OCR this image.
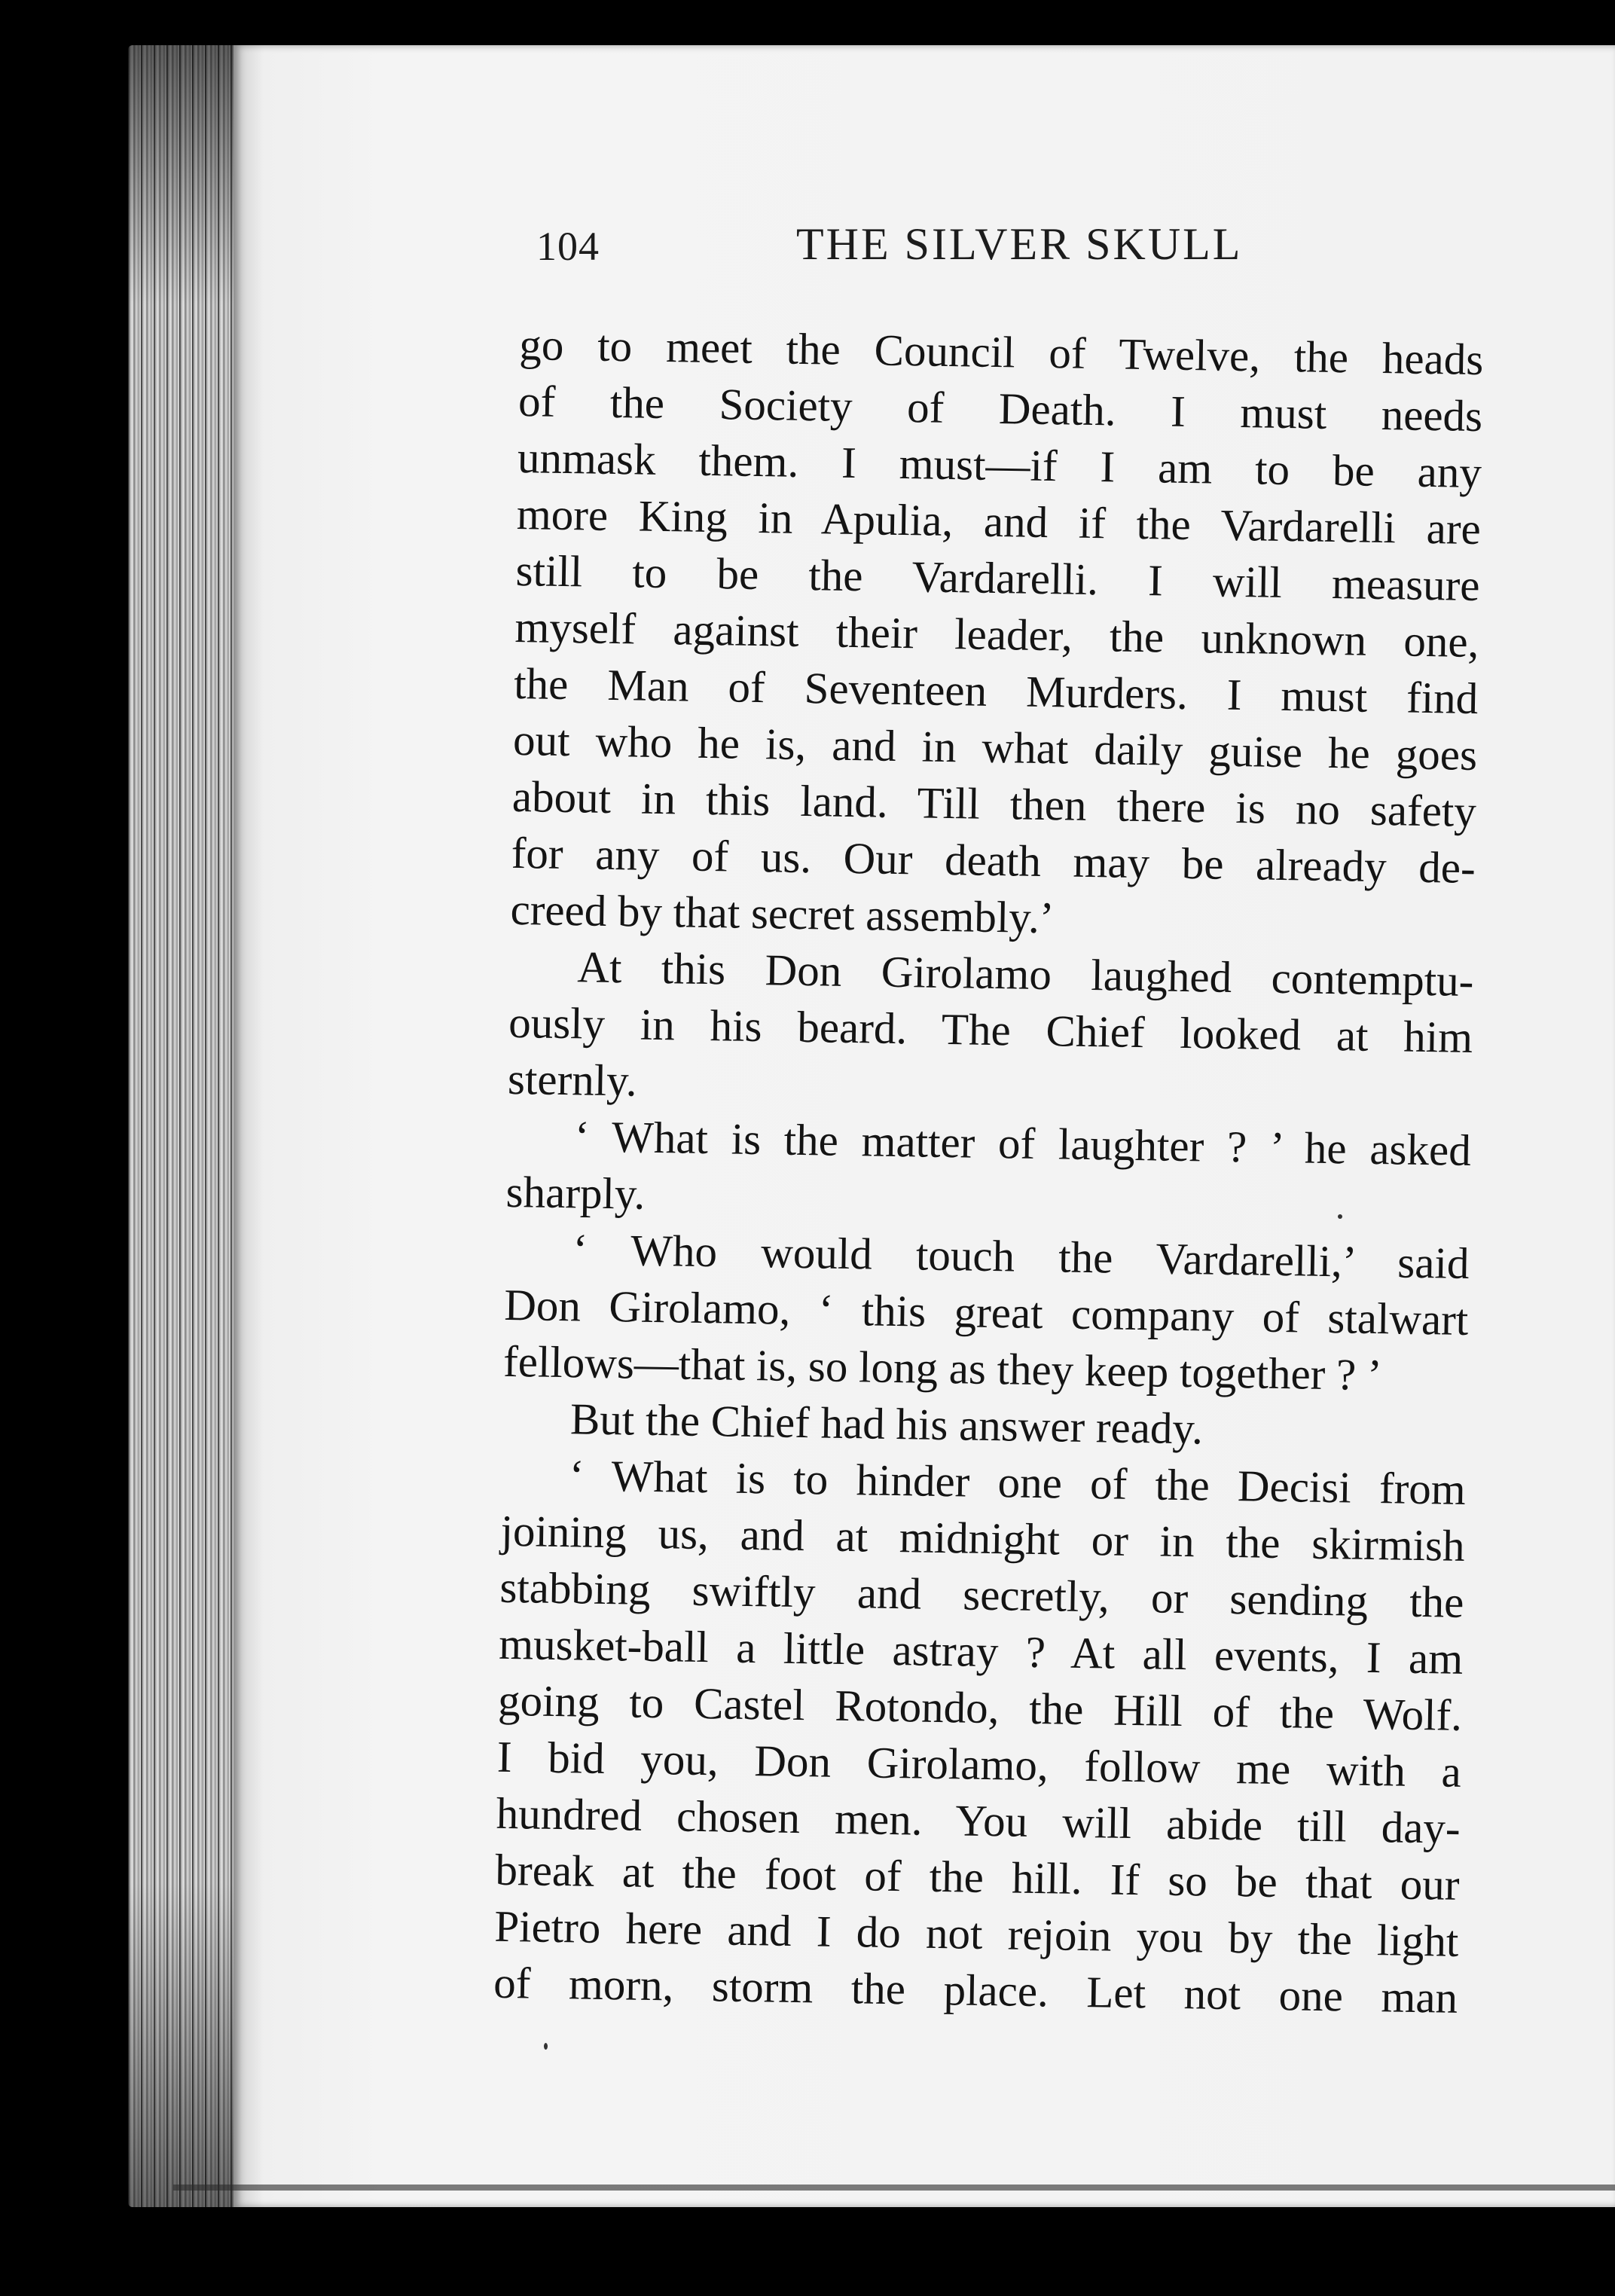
104	THE SILVER SKULL
go to meet the Council of Twelve, the heads
of the Society of Death. I must needs
unmask them. I must—if I am to be any
more King in Apulia, and if the Vardarelli are
still to be the Vardarelli. I will measure
myself against their leader, the unknown one,
the Man of Seventeen Murders. I must find
out who he is, and in what daily guise he goes
about in this land. Till then there is no safety
for any of us. Our death may be already de-
creed by that secret assembly.’
At this Don Girolamo laughed contemptu-
ously in his beard. The Chief looked at him
sternly.
‘ What is the matter of laughter ? ’ he asked
sharply.
‘ Who would touch the Vardarelli,’ said
Don Girolamo, ‘ this great company of stalwart
fellows—that is, so long as they keep together ? ’
But the Chief had his answer ready.
‘ What is to hinder one of the Decisi from
joining us, and at midnight or in the skirmish
stabbing swiftly and secretly, or sending the
musket-ball a little astray ? At all events, I am
going to Castel Rotondo, the Hill of the Wolf.
I bid you, Don Girolamo, follow me with a
hundred chosen men. You will abide till day-
break at the foot of the hill. If so be that our
Pietro here and I do not rejoin you by the light
of morn, storm the place. Let not one man
